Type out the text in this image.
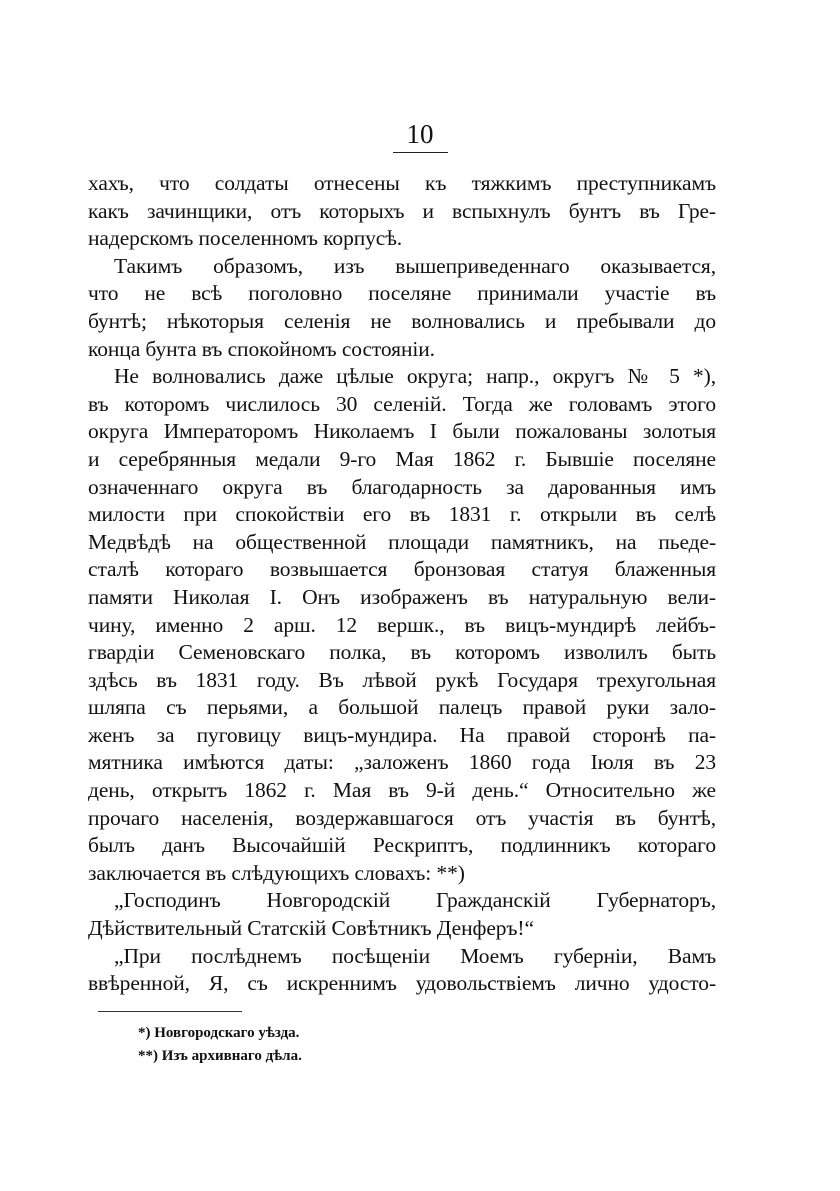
10
хахъ, что солдаты отнесены къ тяжкимъ преступникамъ
какъ зачинщики, отъ которыхъ и вспыхнулъ бунтъ въ Гре-
надерскомъ поселенномъ корпусѣ.
Такимъ образомъ, изъ вышеприведеннаго оказывается,
что не всѣ поголовно поселяне принимали участіе въ
бунтѣ; нѣкоторыя селенія не волновались и пребывали до
конца бунта въ спокойномъ состояніи.
Не волновались даже цѣлые округа; напр., округъ № 5 *),
въ которомъ числилось 30 селеній. Тогда же головамъ этого
округа Императоромъ Николаемъ I были пожалованы золотыя
и серебрянныя медали 9-го Мая 1862 г. Бывшіе поселяне
означеннаго округа въ благодарность за дарованныя имъ
милости при спокойствіи его въ 1831 г. открыли въ селѣ
Медвѣдѣ на общественной площади памятникъ, на пьеде-
сталѣ котораго возвышается бронзовая статуя блаженныя
памяти Николая I. Онъ изображенъ въ натуральную вели-
чину, именно 2 арш. 12 вершк., въ вицъ-мундирѣ лейбъ-
гвардіи Семеновскаго полка, въ которомъ изволилъ быть
здѣсь въ 1831 году. Въ лѣвой рукѣ Государя трехугольная
шляпа съ перьями, а большой палецъ правой руки зало-
женъ за пуговицу вицъ-мундира. На правой сторонѣ па-
мятника имѣются даты: „заложенъ 1860 года Іюля въ 23
день, открытъ 1862 г. Мая въ 9-й день.“ Относительно же
прочаго населенія, воздержавшагося отъ участія въ бунтѣ,
былъ данъ Высочайшій Рескриптъ, подлинникъ котораго
заключается въ слѣдующихъ словахъ: **)
„Господинъ Новгородскій Гражданскій Губернаторъ,
Дѣйствительный Статскій Совѣтникъ Денферъ!“
„При послѣднемъ посѣщеніи Моемъ губерніи, Вамъ
ввѣренной, Я, съ искреннимъ удовольствіемъ лично удосто-
*) Новгородскаго уѣзда.
**) Изъ архивнаго дѣла.
